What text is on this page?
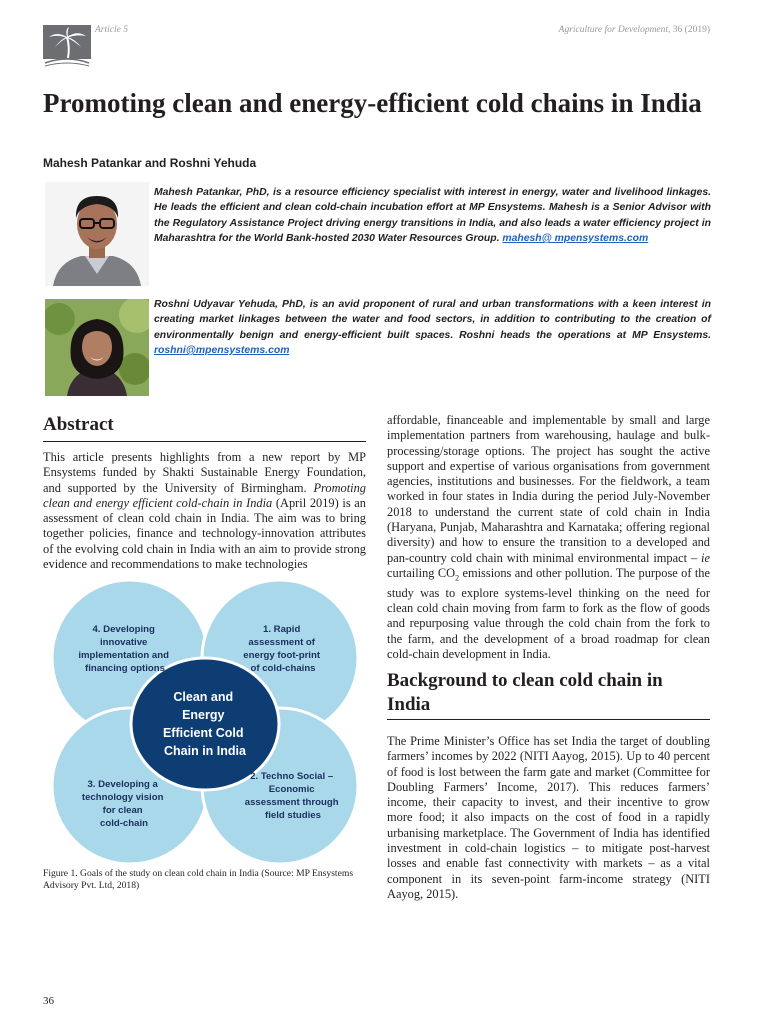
Article 5	Agriculture for Development, 36 (2019)
Promoting clean and energy-efficient cold chains in India
Mahesh Patankar and Roshni Yehuda
Mahesh Patankar, PhD, is a resource efficiency specialist with interest in energy, water and livelihood linkages. He leads the efficient and clean cold-chain incubation effort at MP Ensystems. Mahesh is a Senior Advisor with the Regulatory Assistance Project driving energy transitions in India, and also leads a water efficiency project in Maharashtra for the World Bank-hosted 2030 Water Resources Group. mahesh@ mpensystems.com
Roshni Udyavar Yehuda, PhD, is an avid proponent of rural and urban transformations with a keen interest in creating market linkages between the water and food sectors, in addition to contributing to the creation of environmentally benign and energy-efficient built spaces. Roshni heads the operations at MP Ensystems. roshni@mpensystems.com
Abstract
This article presents highlights from a new report by MP Ensystems funded by Shakti Sustainable Energy Foundation, and supported by the University of Birmingham. Promoting clean and energy efficient cold-chain in India (April 2019) is an assessment of clean cold chain in India. The aim was to bring together policies, finance and technology-innovation attributes of the evolving cold chain in India with an aim to provide strong evidence and recommendations to make technologies
Clean and Energy Efficient Cold Chain in India
4. Developing innovative implementation and financing options
1. Rapid assessment of energy foot-print of cold-chains
3. Developing a technology vision for clean cold-chain
2. Techno Social – Economic assessment through field studies
Figure 1. Goals of the study on clean cold chain in India (Source: MP Ensystems Advisory Pvt. Ltd, 2018)
affordable, financeable and implementable by small and large implementation partners from warehousing, haulage and bulk-processing/storage options. The project has sought the active support and expertise of various organisations from government agencies, institutions and businesses. For the fieldwork, a team worked in four states in India during the period July-November 2018 to understand the current state of cold chain in India (Haryana, Punjab, Maharashtra and Karnataka; offering regional diversity) and how to ensure the transition to a developed and pan-country cold chain with minimal environmental impact – ie curtailing $CO_2$ emissions and other pollution. The purpose of the study was to explore systems-level thinking on the need for clean cold chain moving from farm to fork as the flow of goods and repurposing value through the cold chain from the fork to the farm, and the development of a broad roadmap for clean cold-chain development in India.
Background to clean cold chain in India
The Prime Minister’s Office has set India the target of doubling farmers’ incomes by 2022 (NITI Aayog, 2015). Up to 40 percent of food is lost between the farm gate and market (Committee for Doubling Farmers’ Income, 2017). This reduces farmers’ income, their capacity to invest, and their incentive to grow more food; it also impacts on the cost of food in a rapidly urbanising marketplace. The Government of India has identified investment in cold-chain logistics – to mitigate post-harvest losses and enable fast connectivity with markets – as a vital component in its seven-point farm-income strategy (NITI Aayog, 2015).
36
